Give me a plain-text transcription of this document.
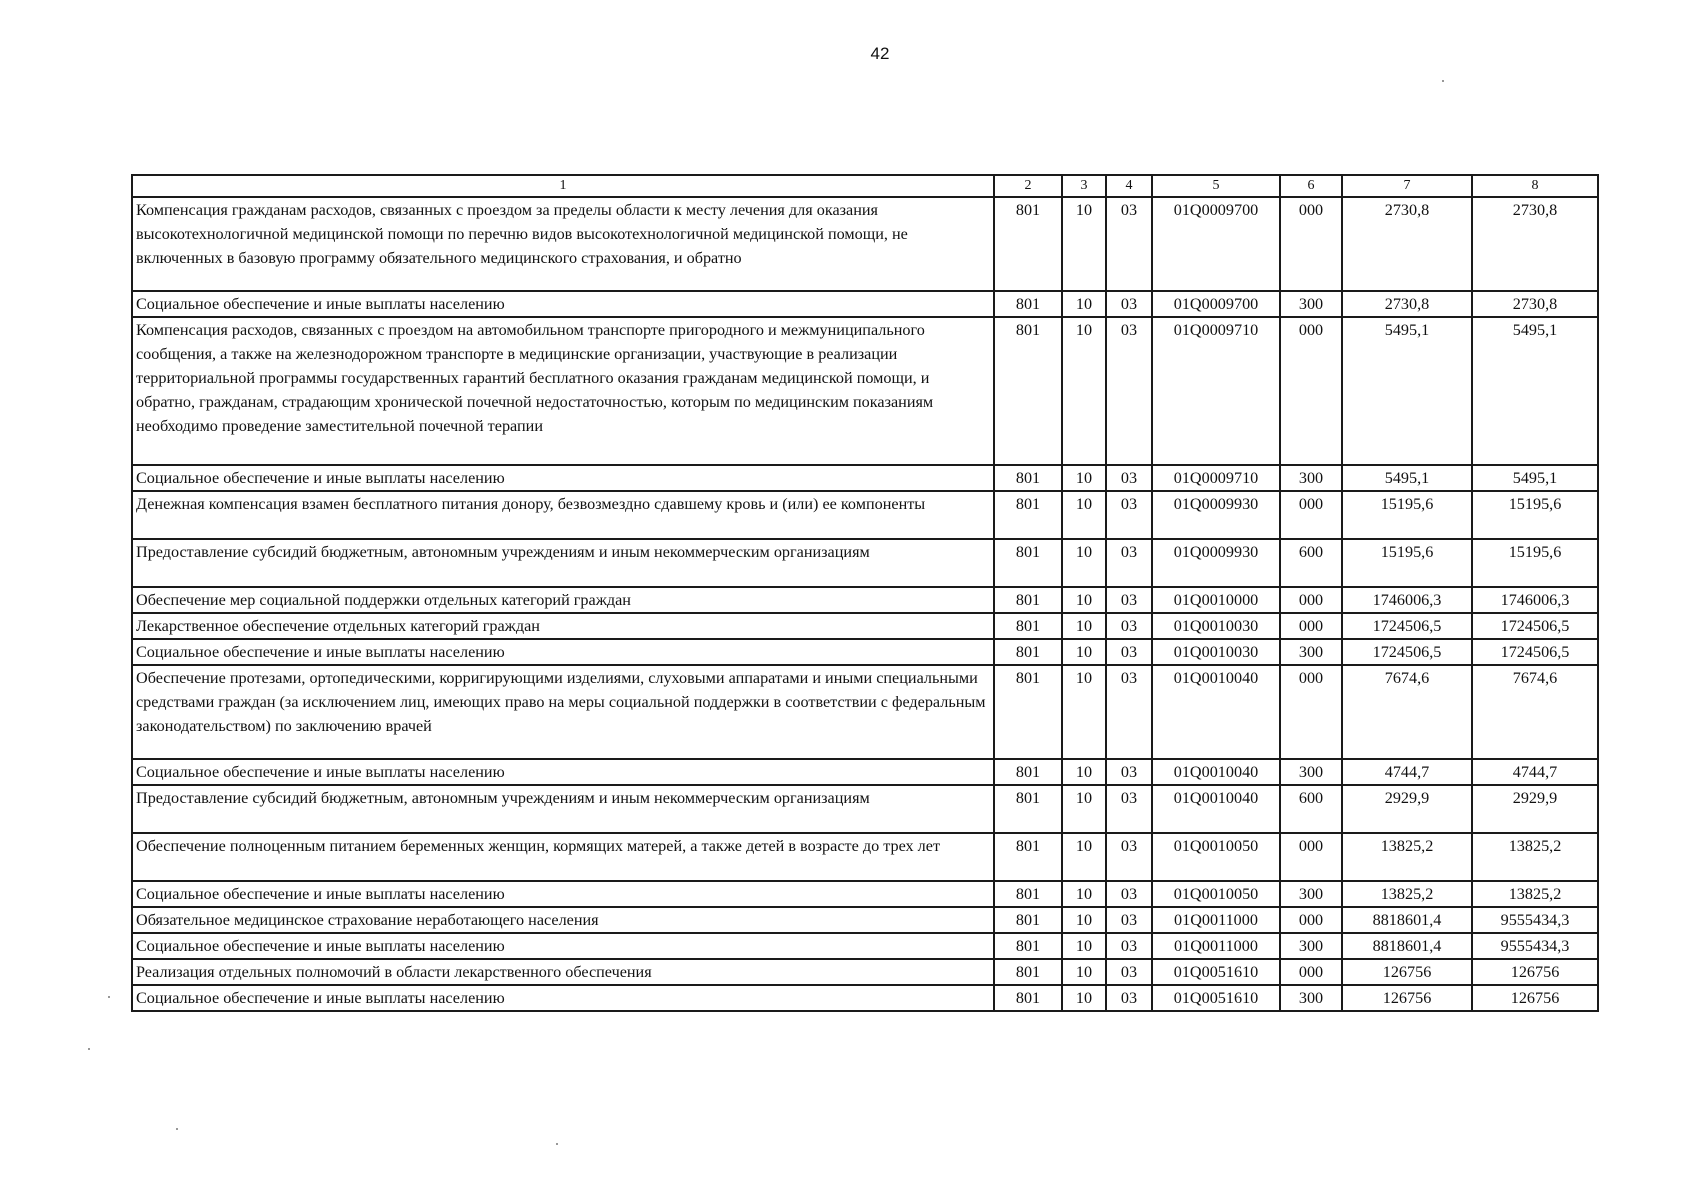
42
1	2	3	4	5	6	7	8
Компенсация гражданам расходов, связанных с проездом за пределы области к месту лечения для оказания высокотехнологичной медицинской помощи по перечню видов высокотехнологичной медицинской помощи, не включенных в базовую программу обязательного медицинского страхования, и обратно	801	10	03	01Q0009700	000	2730,8	2730,8
Социальное обеспечение и иные выплаты населению	801	10	03	01Q0009700	300	2730,8	2730,8
Компенсация расходов, связанных с проездом на автомобильном транспорте пригородного и межмуниципального сообщения, а также на железнодорожном транспорте в медицинские организации, участвующие в реализации территориальной программы государственных гарантий бесплатного оказания гражданам медицинской помощи, и обратно, гражданам, страдающим хронической почечной недостаточностью, которым по медицинским показаниям необходимо проведение заместительной почечной терапии	801	10	03	01Q0009710	000	5495,1	5495,1
Социальное обеспечение и иные выплаты населению	801	10	03	01Q0009710	300	5495,1	5495,1
Денежная компенсация взамен бесплатного питания донору, безвозмездно сдавшему кровь и (или) ее компоненты	801	10	03	01Q0009930	000	15195,6	15195,6
Предоставление субсидий бюджетным, автономным учреждениям и иным некоммерческим организациям	801	10	03	01Q0009930	600	15195,6	15195,6
Обеспечение мер социальной поддержки отдельных категорий граждан	801	10	03	01Q0010000	000	1746006,3	1746006,3
Лекарственное обеспечение отдельных категорий граждан	801	10	03	01Q0010030	000	1724506,5	1724506,5
Социальное обеспечение и иные выплаты населению	801	10	03	01Q0010030	300	1724506,5	1724506,5
Обеспечение протезами, ортопедическими, корригирующими изделиями, слуховыми аппаратами и иными специальными средствами граждан (за исключением лиц, имеющих право на меры социальной поддержки в соответствии с федеральным законодательством) по заключению врачей	801	10	03	01Q0010040	000	7674,6	7674,6
Социальное обеспечение и иные выплаты населению	801	10	03	01Q0010040	300	4744,7	4744,7
Предоставление субсидий бюджетным, автономным учреждениям и иным некоммерческим организациям	801	10	03	01Q0010040	600	2929,9	2929,9
Обеспечение полноценным питанием беременных женщин, кормящих матерей, а также детей в возрасте до трех лет	801	10	03	01Q0010050	000	13825,2	13825,2
Социальное обеспечение и иные выплаты населению	801	10	03	01Q0010050	300	13825,2	13825,2
Обязательное медицинское страхование неработающего населения	801	10	03	01Q0011000	000	8818601,4	9555434,3
Социальное обеспечение и иные выплаты населению	801	10	03	01Q0011000	300	8818601,4	9555434,3
Реализация отдельных полномочий в области лекарственного обеспечения	801	10	03	01Q0051610	000	126756	126756
Социальное обеспечение и иные выплаты населению	801	10	03	01Q0051610	300	126756	126756
